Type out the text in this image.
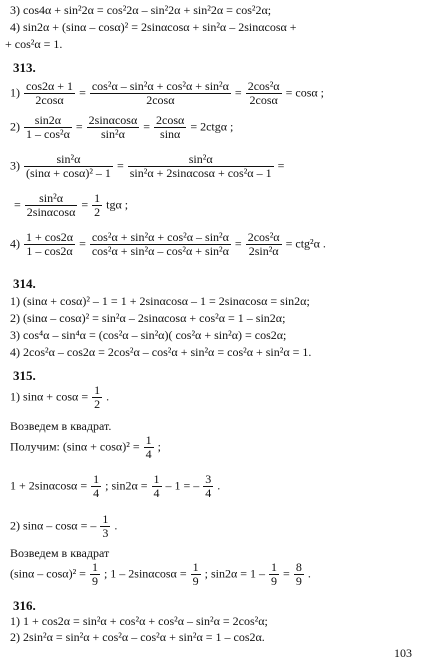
3) cos4α + sin²2α = cos²2α – sin²2α + sin²2α = cos²2α;
4) sin2α + (sinα – cosα)² = 2sinαcosα + sin²α – 2sinαcosα +
+ cos²α = 1.
313.
$1) \frac{\cos 2\alpha + 1}{2\cos\alpha} = \frac{\text{cos²α – sin²α + cos²α + sin²α}}{2\cos\alpha} = \frac{\text{2cos²α}}{2\cos\alpha} = \cos\alpha$ ;
$2) \frac{\sin 2\alpha}{\text{1 – cos²α}} = \frac{2\sin\alpha\cos\alpha}{\text{sin²α}} = \frac{2\cos\alpha}{\sin\alpha} = 2ctg\alpha$ ;
$3) \frac{\text{sin²α}}{\text{(sinα + cosα)² – 1}} = \frac{\text{sin²α}}{\text{sin²α + 2sinαcosα + cos²α – 1}}$ =
= $\frac{\text{sin²α}}{2\sin\alpha\cos\alpha} = \frac{1}{2}$ tgα ;
$4) \frac{1 + \cos 2\alpha}{1 - \cos 2\alpha} = \frac{\text{cos²α + sin²α + cos²α – sin²α}}{\text{cos²α + sin²α – cos²α + sin²α}} = \frac{\text{2cos²α}}{\text{2sin²α}} = ctg^2\alpha$ .
314.
1) (sinα + cosα)² – 1 = 1 + 2sinαcosα – 1 = 2sinαcosα = sin2α;
2) (sinα – cosα)² = sin²α – 2sinαcosα + cos²α = 1 – sin2α;
3) cos⁴α – sin⁴α = (cos²α – sin²α)( cos²α + sin²α) = cos2α;
4) 2cos²α – cos2α = 2cos²α – cos²α + sin²α = cos²α + sin²α = 1.
315.
1) $\sin\alpha + \cos\alpha = \frac{1}{2}$ .
Возведем в квадрат.
Получим: $(\sin\alpha + \cos\alpha)^2 = \frac{1}{4}$ ;
$1 + 2\sin\alpha\cos\alpha = \frac{1}{4}$ ; $\sin 2\alpha = \frac{1}{4} - 1$ = – $\frac{3}{4}$ .
2) sinα – cosα = – $\frac{1}{3}$ .
Возведем в квадрат
$(\sin\alpha - \cos\alpha)^2 = \frac{1}{9}$ ; $1 - 2\sin\alpha\cos\alpha = \frac{1}{9}$ ; $\sin 2\alpha = 1 - \frac{1}{9} = \frac{8}{9}$ .
316.
1) 1 + cos2α = sin²α + cos²α + cos²α – sin²α = 2cos²α;
2) 2sin²α = sin²α + cos²α – cos²α + sin²α = 1 – cos2α.
103
